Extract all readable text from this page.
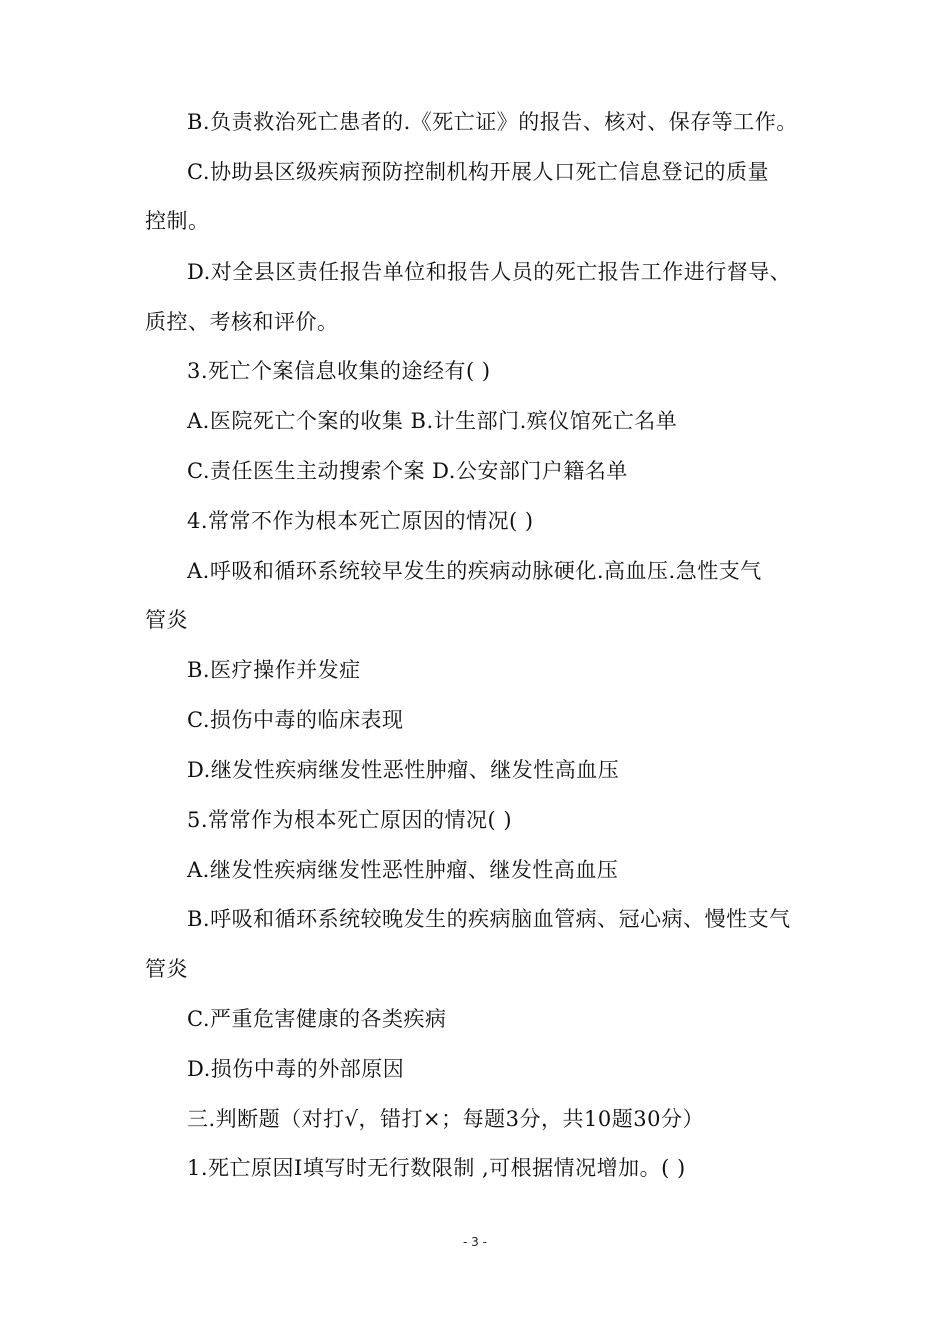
B.负责救治死亡患者的.《死亡证》的报告、核对、保存等工作。
C.协助县区级疾病预防控制机构开展人口死亡信息登记的质量
控制。
D.对全县区责任报告单位和报告人员的死亡报告工作进行督导、
质控、考核和评价。
3.死亡个案信息收集的途经有( )
A.医院死亡个案的收集 B.计生部门.殡仪馆死亡名单
C.责任医生主动搜索个案 D.公安部门户籍名单
4.常常不作为根本死亡原因的情况( )
A.呼吸和循环系统较早发生的疾病动脉硬化.高血压.急性支气
管炎
B.医疗操作并发症
C.损伤中毒的临床表现
D.继发性疾病继发性恶性肿瘤、继发性高血压
5.常常作为根本死亡原因的情况( )
A.继发性疾病继发性恶性肿瘤、继发性高血压
B.呼吸和循环系统较晚发生的疾病脑血管病、冠心病、慢性支气
管炎
C.严重危害健康的各类疾病
D.损伤中毒的外部原因
三.判断题（对打√，错打×；每题3分，共10题30分）
1.死亡原因Ⅰ填写时无行数限制 ,可根据情况增加。( )
- 3 -
